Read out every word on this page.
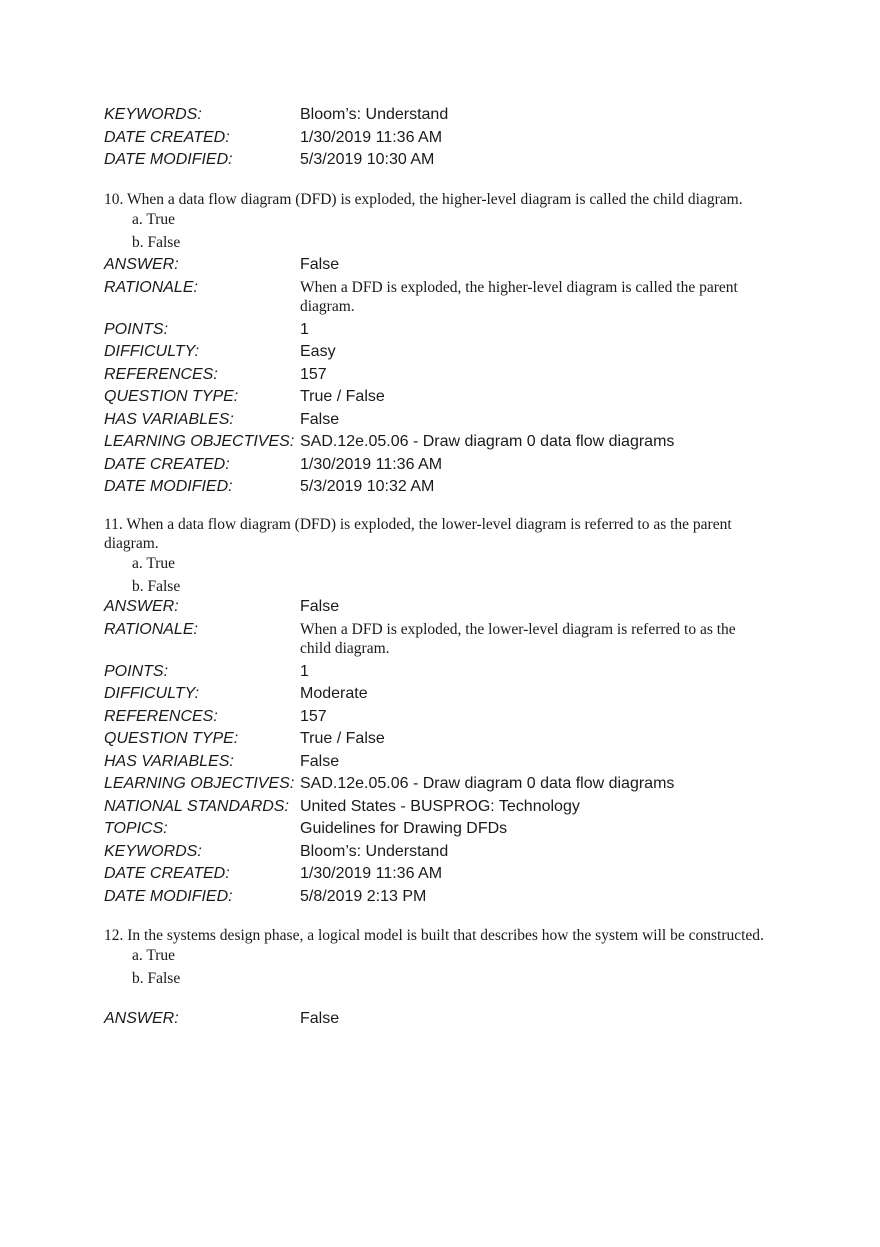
KEYWORDS:	Bloom’s: Understand
DATE CREATED:	1/30/2019 11:36 AM
DATE MODIFIED:	5/3/2019 10:30 AM

10. When a data flow diagram (DFD) is exploded, the higher-level diagram is called the child diagram.

a. True
b. False
ANSWER:	False
RATIONALE:	When a DFD is exploded, the higher-level diagram is called the parent diagram.
POINTS:	1
DIFFICULTY:	Easy
REFERENCES:	157
QUESTION TYPE:	True / False
HAS VARIABLES:	False
LEARNING OBJECTIVES: SAD.12e.05.06 - Draw diagram 0 data flow diagrams
DATE CREATED:	1/30/2019 11:36 AM
DATE MODIFIED:	5/3/2019 10:32 AM

11. When a data flow diagram (DFD) is exploded, the lower-level diagram is referred to as the parent diagram.

a. True
b. False
ANSWER:	False
RATIONALE:	When a DFD is exploded, the lower-level diagram is referred to as the child diagram.
POINTS:	1
DIFFICULTY:	Moderate
REFERENCES:	157
QUESTION TYPE:	True / False
HAS VARIABLES:	False
LEARNING OBJECTIVES: SAD.12e.05.06 - Draw diagram 0 data flow diagrams
NATIONAL STANDARDS: United States - BUSPROG: Technology
TOPICS:	Guidelines for Drawing DFDs
KEYWORDS:	Bloom’s: Understand
DATE CREATED:	1/30/2019 11:36 AM
DATE MODIFIED:	5/8/2019 2:13 PM

12. In the systems design phase, a logical model is built that describes how the system will be constructed.

a. True
b. False
ANSWER:	False
